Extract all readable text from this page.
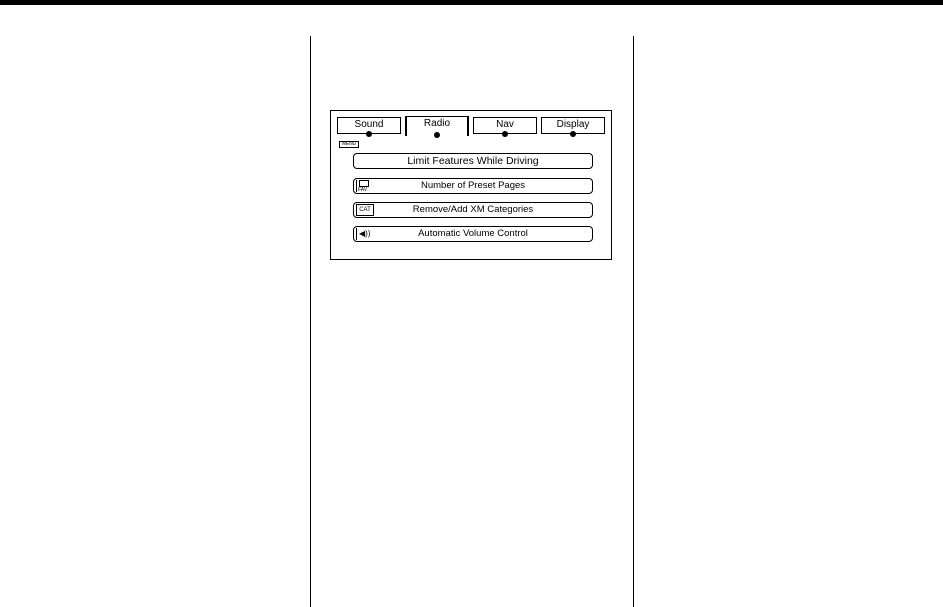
Sound	Radio	Nav	Display
MENU
Limit Features While Driving
FAV	Number of Preset Pages
CAT	Remove/Add XM Categories
◀))	Automatic Volume Control
